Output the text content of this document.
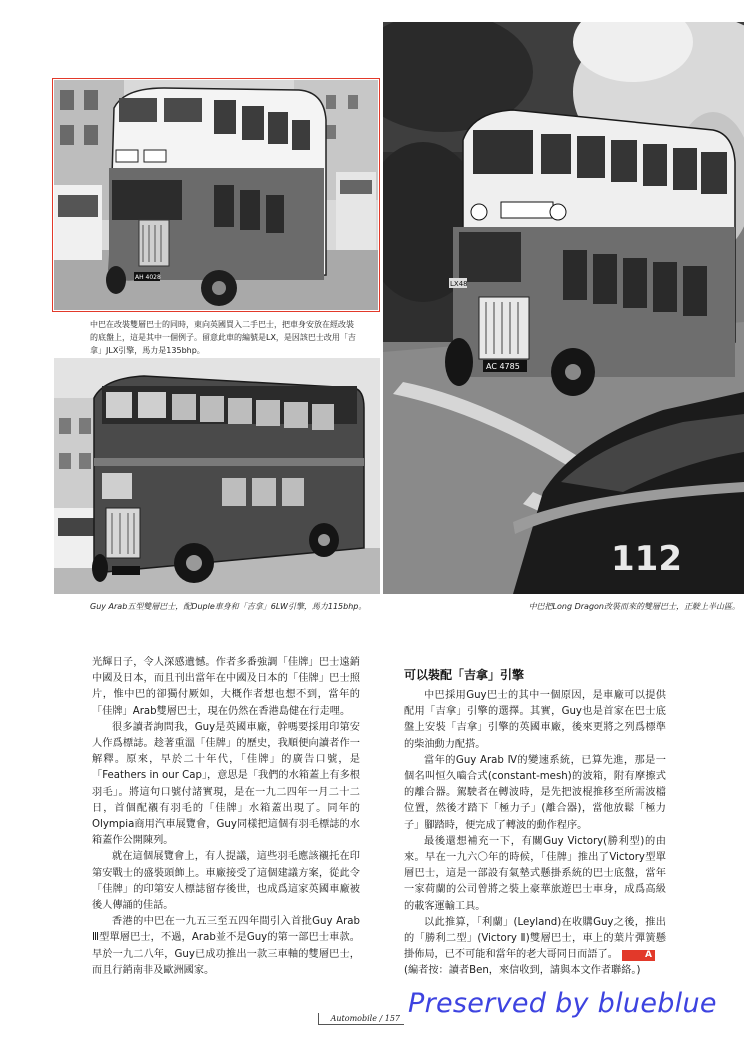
AH 4028
中巴在改裝雙層巴士的同時，東向英國買入二手巴士，把車身安放在經改裝的底盤上，這是其中一個例子。留意此車的編號是LX，是因該巴士改用「吉拿」JLX引擎，馬力是135bhp。
Guy Arab五型雙層巴士，配Duple車身和「吉拿」6LW引擎，馬力115bhp。
LX48
AC 4785
112
中巴把Long Dragon改裝而來的雙層巴士，正駛上半山區。

光輝日子，令人深感遺憾。作者多番強調「佳牌」巴士遠銷中國及日本，而且刊出當年在中國及日本的「佳牌」巴士照片，惟中巴的卻獨付厥如，大概作者想也想不到，當年的「佳牌」Arab雙層巴士，現在仍然在香港島健在行走哩。

很多讀者詢問我，Guy是英國車廠，幹嗎要採用印第安人作爲標誌。趁著重溫「佳牌」的歷史，我順便向讀者作一解釋。原來，早於二十年代，「佳牌」的廣告口號，是「Feathers in our Cap」，意思是「我們的水箱蓋上有多根羽毛」。將這句口號付諸實現，是在一九二四年一月二十二日，首個配襯有羽毛的「佳牌」水箱蓋出現了。同年的Olympia商用汽車展覽會，Guy同樣把這個有羽毛標誌的水箱蓋作公開陳列。

就在這個展覽會上，有人提議，這些羽毛應該襯托在印第安戰士的盛裝頭飾上。車廠接受了這個建議方案，從此令「佳牌」的印第安人標誌留存後世，也成爲這家英國車廠被後人傳誦的佳話。

香港的中巴在一九五三至五四年間引入首批Guy Arab Ⅲ型單層巴士，不過，Arab並不是Guy的第一部巴士車款。早於一九二八年，Guy已成功推出一款三車軸的雙層巴士，而且行銷南非及歐洲國家。

可以裝配「吉拿」引擎

中巴採用Guy巴士的其中一個原因，是車廠可以提供配用「吉拿」引擎的選擇。其實，Guy也是首家在巴士底盤上安裝「吉拿」引擎的英國車廠，後來更將之列爲標準的柴油動力配搭。

當年的Guy Arab Ⅳ的變速系統，已算先進，那是一個名叫恒久嚙合式(constant-mesh)的波箱，附有摩擦式的離合器。駕駛者在轉波時，是先把波棍推移至所需波檔位置，然後才踏下「極力子」(離合器)，當他放鬆「極力子」腳踏時，便完成了轉波的動作程序。

最後還想補充一下，有關Guy Victory(勝利型)的由來。早在一九六〇年的時候，「佳牌」推出了Victory型單層巴士，這是一部設有氣墊式懸掛系統的巴士底盤，當年一家荷蘭的公司曾將之裝上豪華旅遊巴士車身，成爲高級的載客運輸工具。

以此推算，「利蘭」(Leyland)在收購Guy之後，推出的「勝利二型」(Victory Ⅱ)雙層巴士，車上的葉片彈簧懸掛佈局，已不可能和當年的老大哥同日而語了。	A

(編者按：讀者Ben，來信收到，請與本文作者聯絡。)

Automobile / 157 Preserved by blueblue
